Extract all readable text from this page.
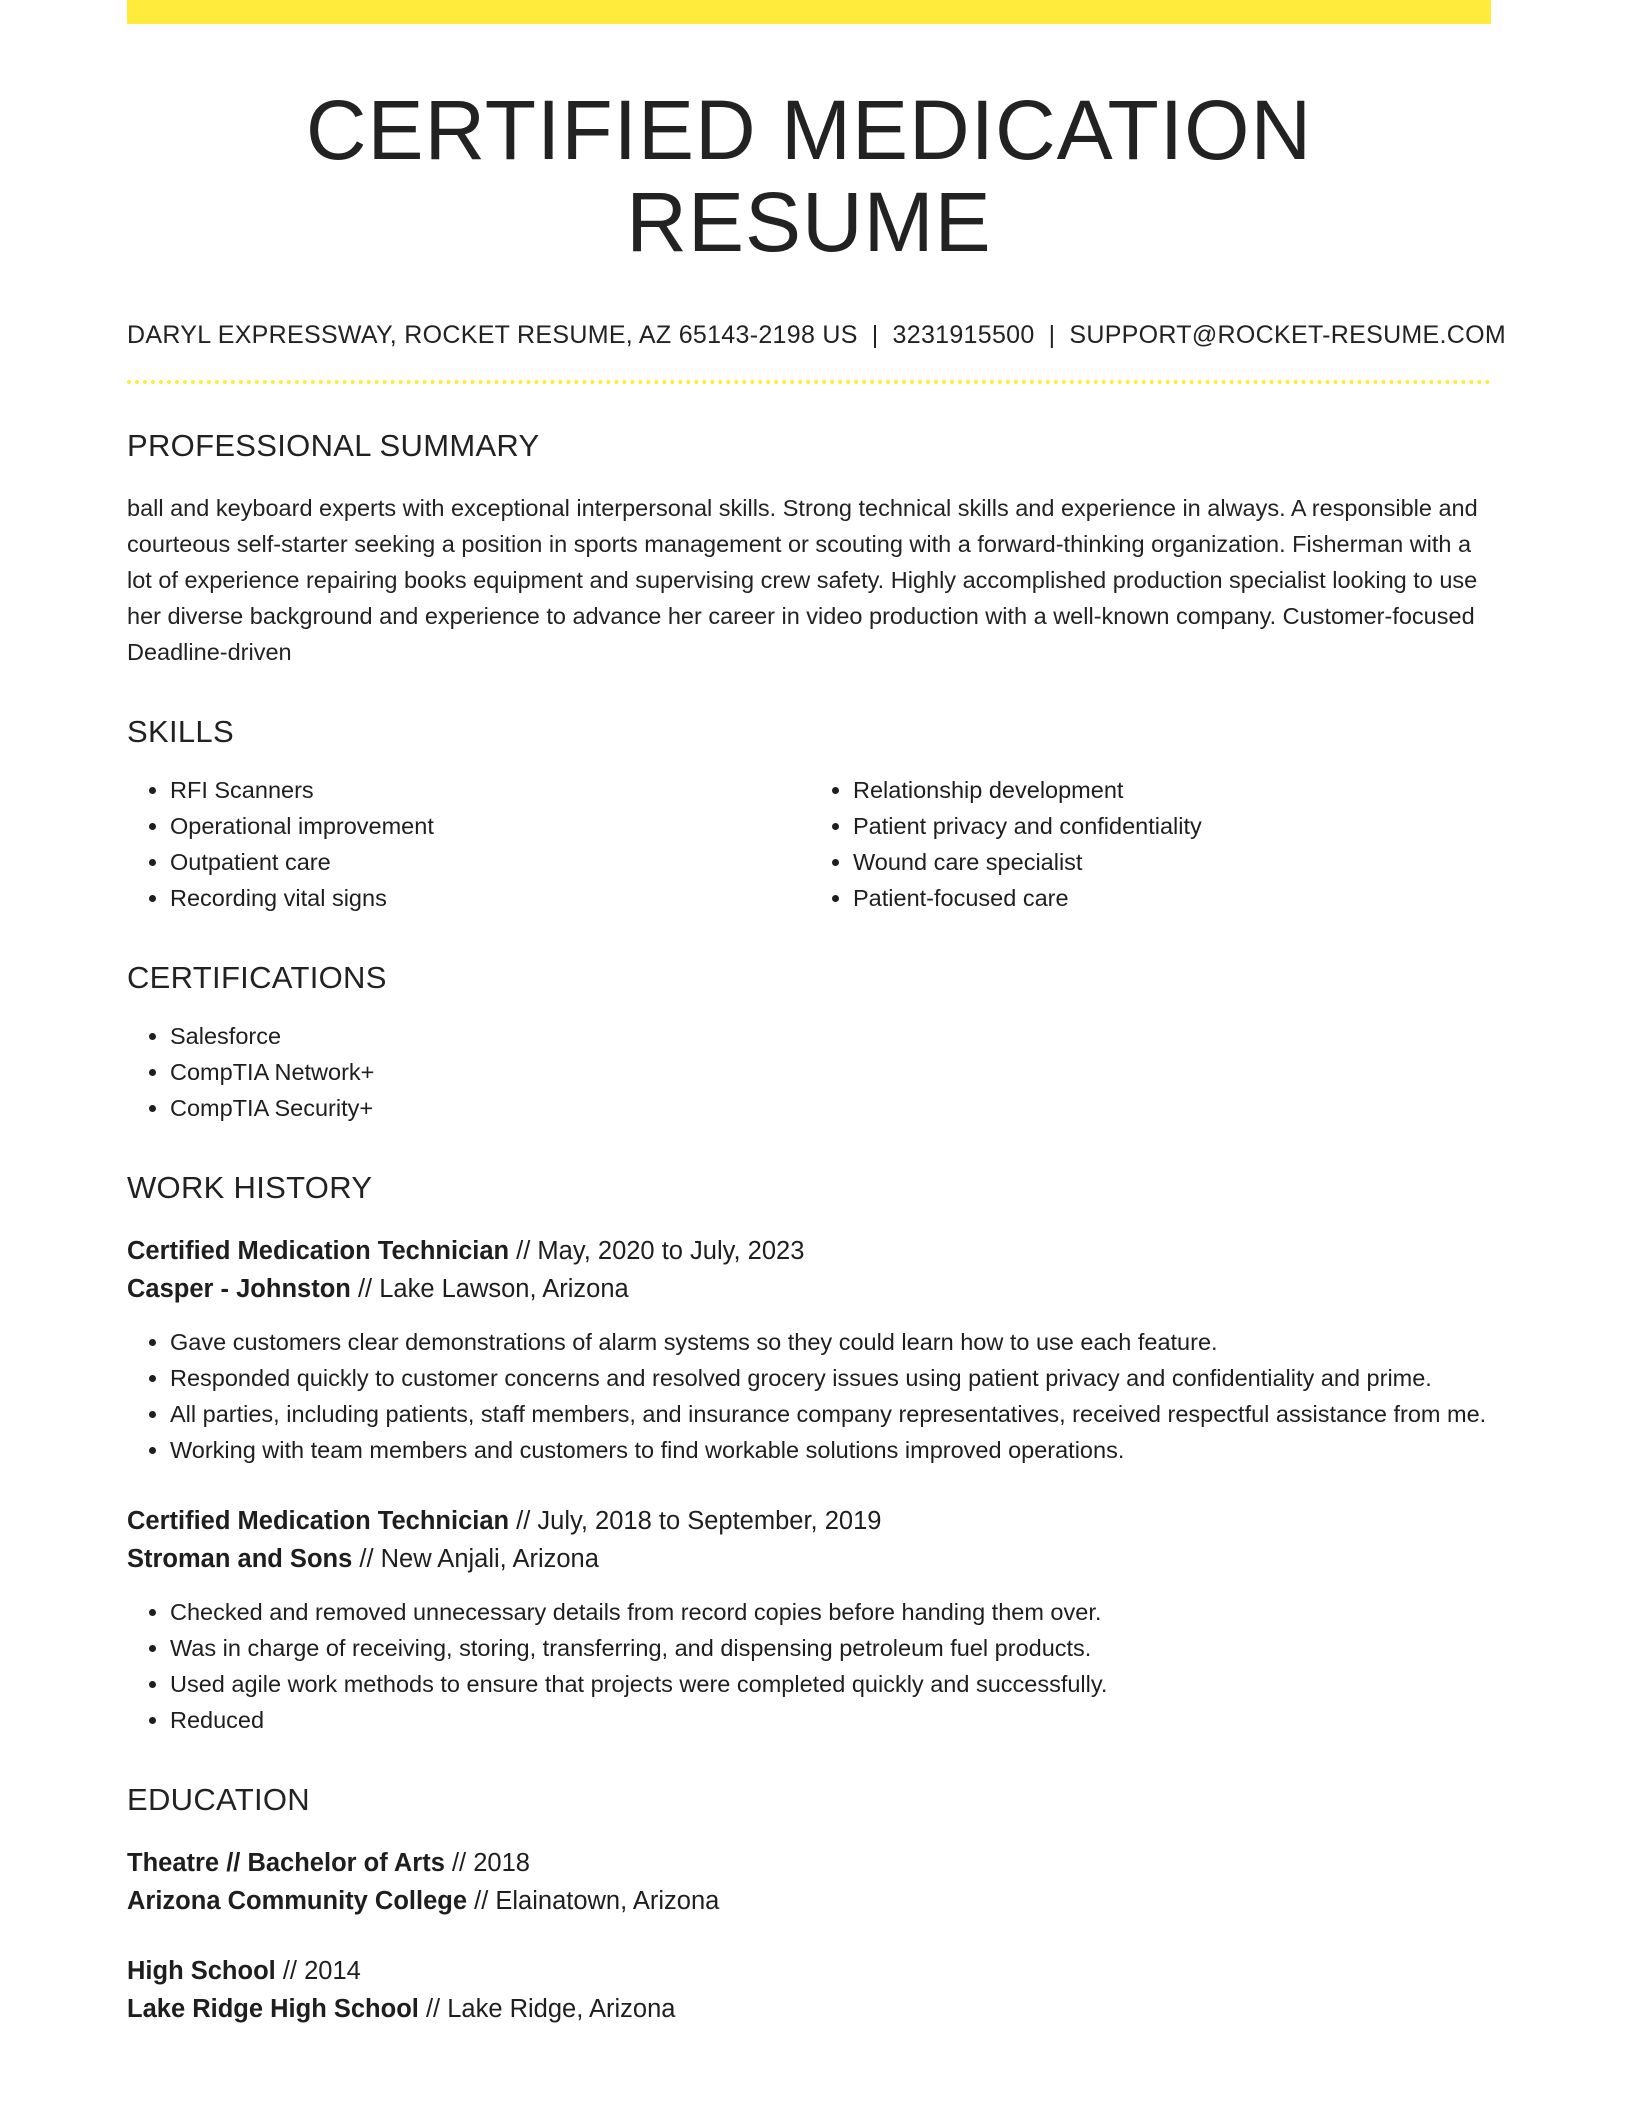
CERTIFIED MEDICATION RESUME
DARYL EXPRESSWAY, ROCKET RESUME, AZ 65143-2198 US | 3231915500 | SUPPORT@ROCKET-RESUME.COM
PROFESSIONAL SUMMARY

ball and keyboard experts with exceptional interpersonal skills. Strong technical skills and experience in always. A responsible and courteous self-starter seeking a position in sports management or scouting with a forward-thinking organization. Fisherman with a lot of experience repairing books equipment and supervising crew safety. Highly accomplished production specialist looking to use her diverse background and experience to advance her career in video production with a well-known company. Customer-focused Deadline-driven

SKILLS
• RFI Scanners
• Operational improvement
• Outpatient care
• Recording vital signs
• Relationship development
• Patient privacy and confidentiality
• Wound care specialist
• Patient-focused care
CERTIFICATIONS
• Salesforce
• CompTIA Network+
• CompTIA Security+
WORK HISTORY
Certified Medication Technician // May, 2020 to July, 2023
Casper - Johnston // Lake Lawson, Arizona
• Gave customers clear demonstrations of alarm systems so they could learn how to use each feature.
• Responded quickly to customer concerns and resolved grocery issues using patient privacy and confidentiality and prime.
• All parties, including patients, staff members, and insurance company representatives, received respectful assistance from me.
• Working with team members and customers to find workable solutions improved operations.
Certified Medication Technician // July, 2018 to September, 2019
Stroman and Sons // New Anjali, Arizona
• Checked and removed unnecessary details from record copies before handing them over.
• Was in charge of receiving, storing, transferring, and dispensing petroleum fuel products.
• Used agile work methods to ensure that projects were completed quickly and successfully.
• Reduced
EDUCATION
Theatre // Bachelor of Arts // 2018
Arizona Community College // Elainatown, Arizona
High School // 2014
Lake Ridge High School // Lake Ridge, Arizona
